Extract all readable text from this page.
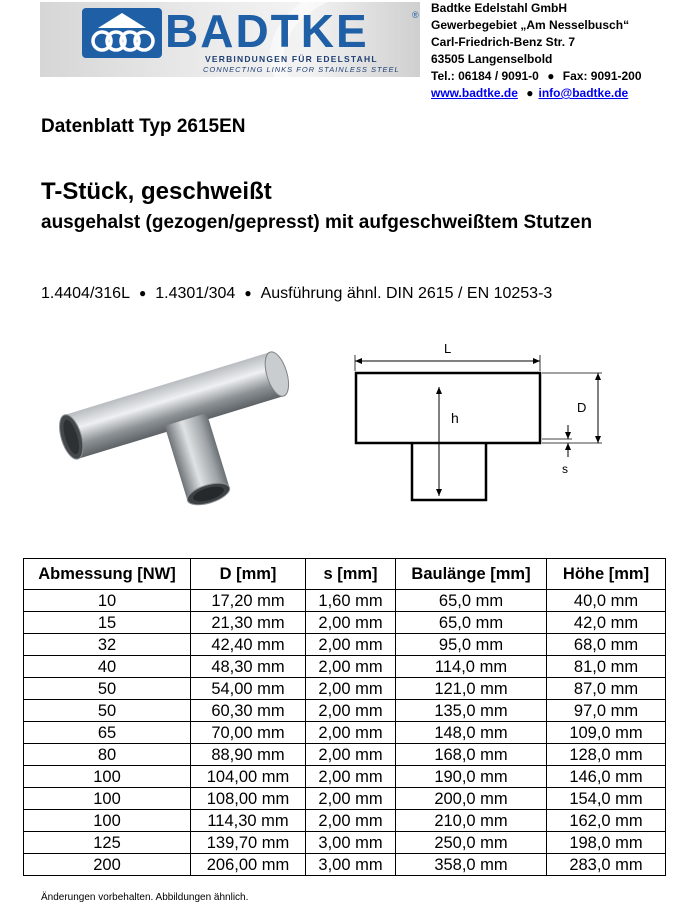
BADTKE	®
VERBINDUNGEN FÜR EDELSTAHL
CONNECTING LINKS FOR STAINLESS STEEL
Badtke Edelstahl GmbH
Gewerbegebiet „Am Nesselbusch“
Carl-Friedrich-Benz Str. 7
63505 Langenselbold
Tel.: 06184 / 9091-0 ● Fax: 9091-200
www.badtke.de ● info@badtke.de
Datenblatt Typ 2615EN
T-Stück, geschweißt
ausgehalst (gezogen/gepresst) mit aufgeschweißtem Stutzen
1.4404/316L ● 1.4301/304 ● Ausführung ähnl. DIN 2615 / EN 10253-3
L
h
D
s
Abmessung [NW]	D [mm]	s [mm]	Baulänge [mm]	Höhe [mm]
10	17,20 mm	1,60 mm	65,0 mm	40,0 mm
15	21,30 mm	2,00 mm	65,0 mm	42,0 mm
32	42,40 mm	2,00 mm	95,0 mm	68,0 mm
40	48,30 mm	2,00 mm	114,0 mm	81,0 mm
50	54,00 mm	2,00 mm	121,0 mm	87,0 mm
50	60,30 mm	2,00 mm	135,0 mm	97,0 mm
65	70,00 mm	2,00 mm	148,0 mm	109,0 mm
80	88,90 mm	2,00 mm	168,0 mm	128,0 mm
100	104,00 mm	2,00 mm	190,0 mm	146,0 mm
100	108,00 mm	2,00 mm	200,0 mm	154,0 mm
100	114,30 mm	2,00 mm	210,0 mm	162,0 mm
125	139,70 mm	3,00 mm	250,0 mm	198,0 mm
200	206,00 mm	3,00 mm	358,0 mm	283,0 mm
Änderungen vorbehalten. Abbildungen ähnlich.
